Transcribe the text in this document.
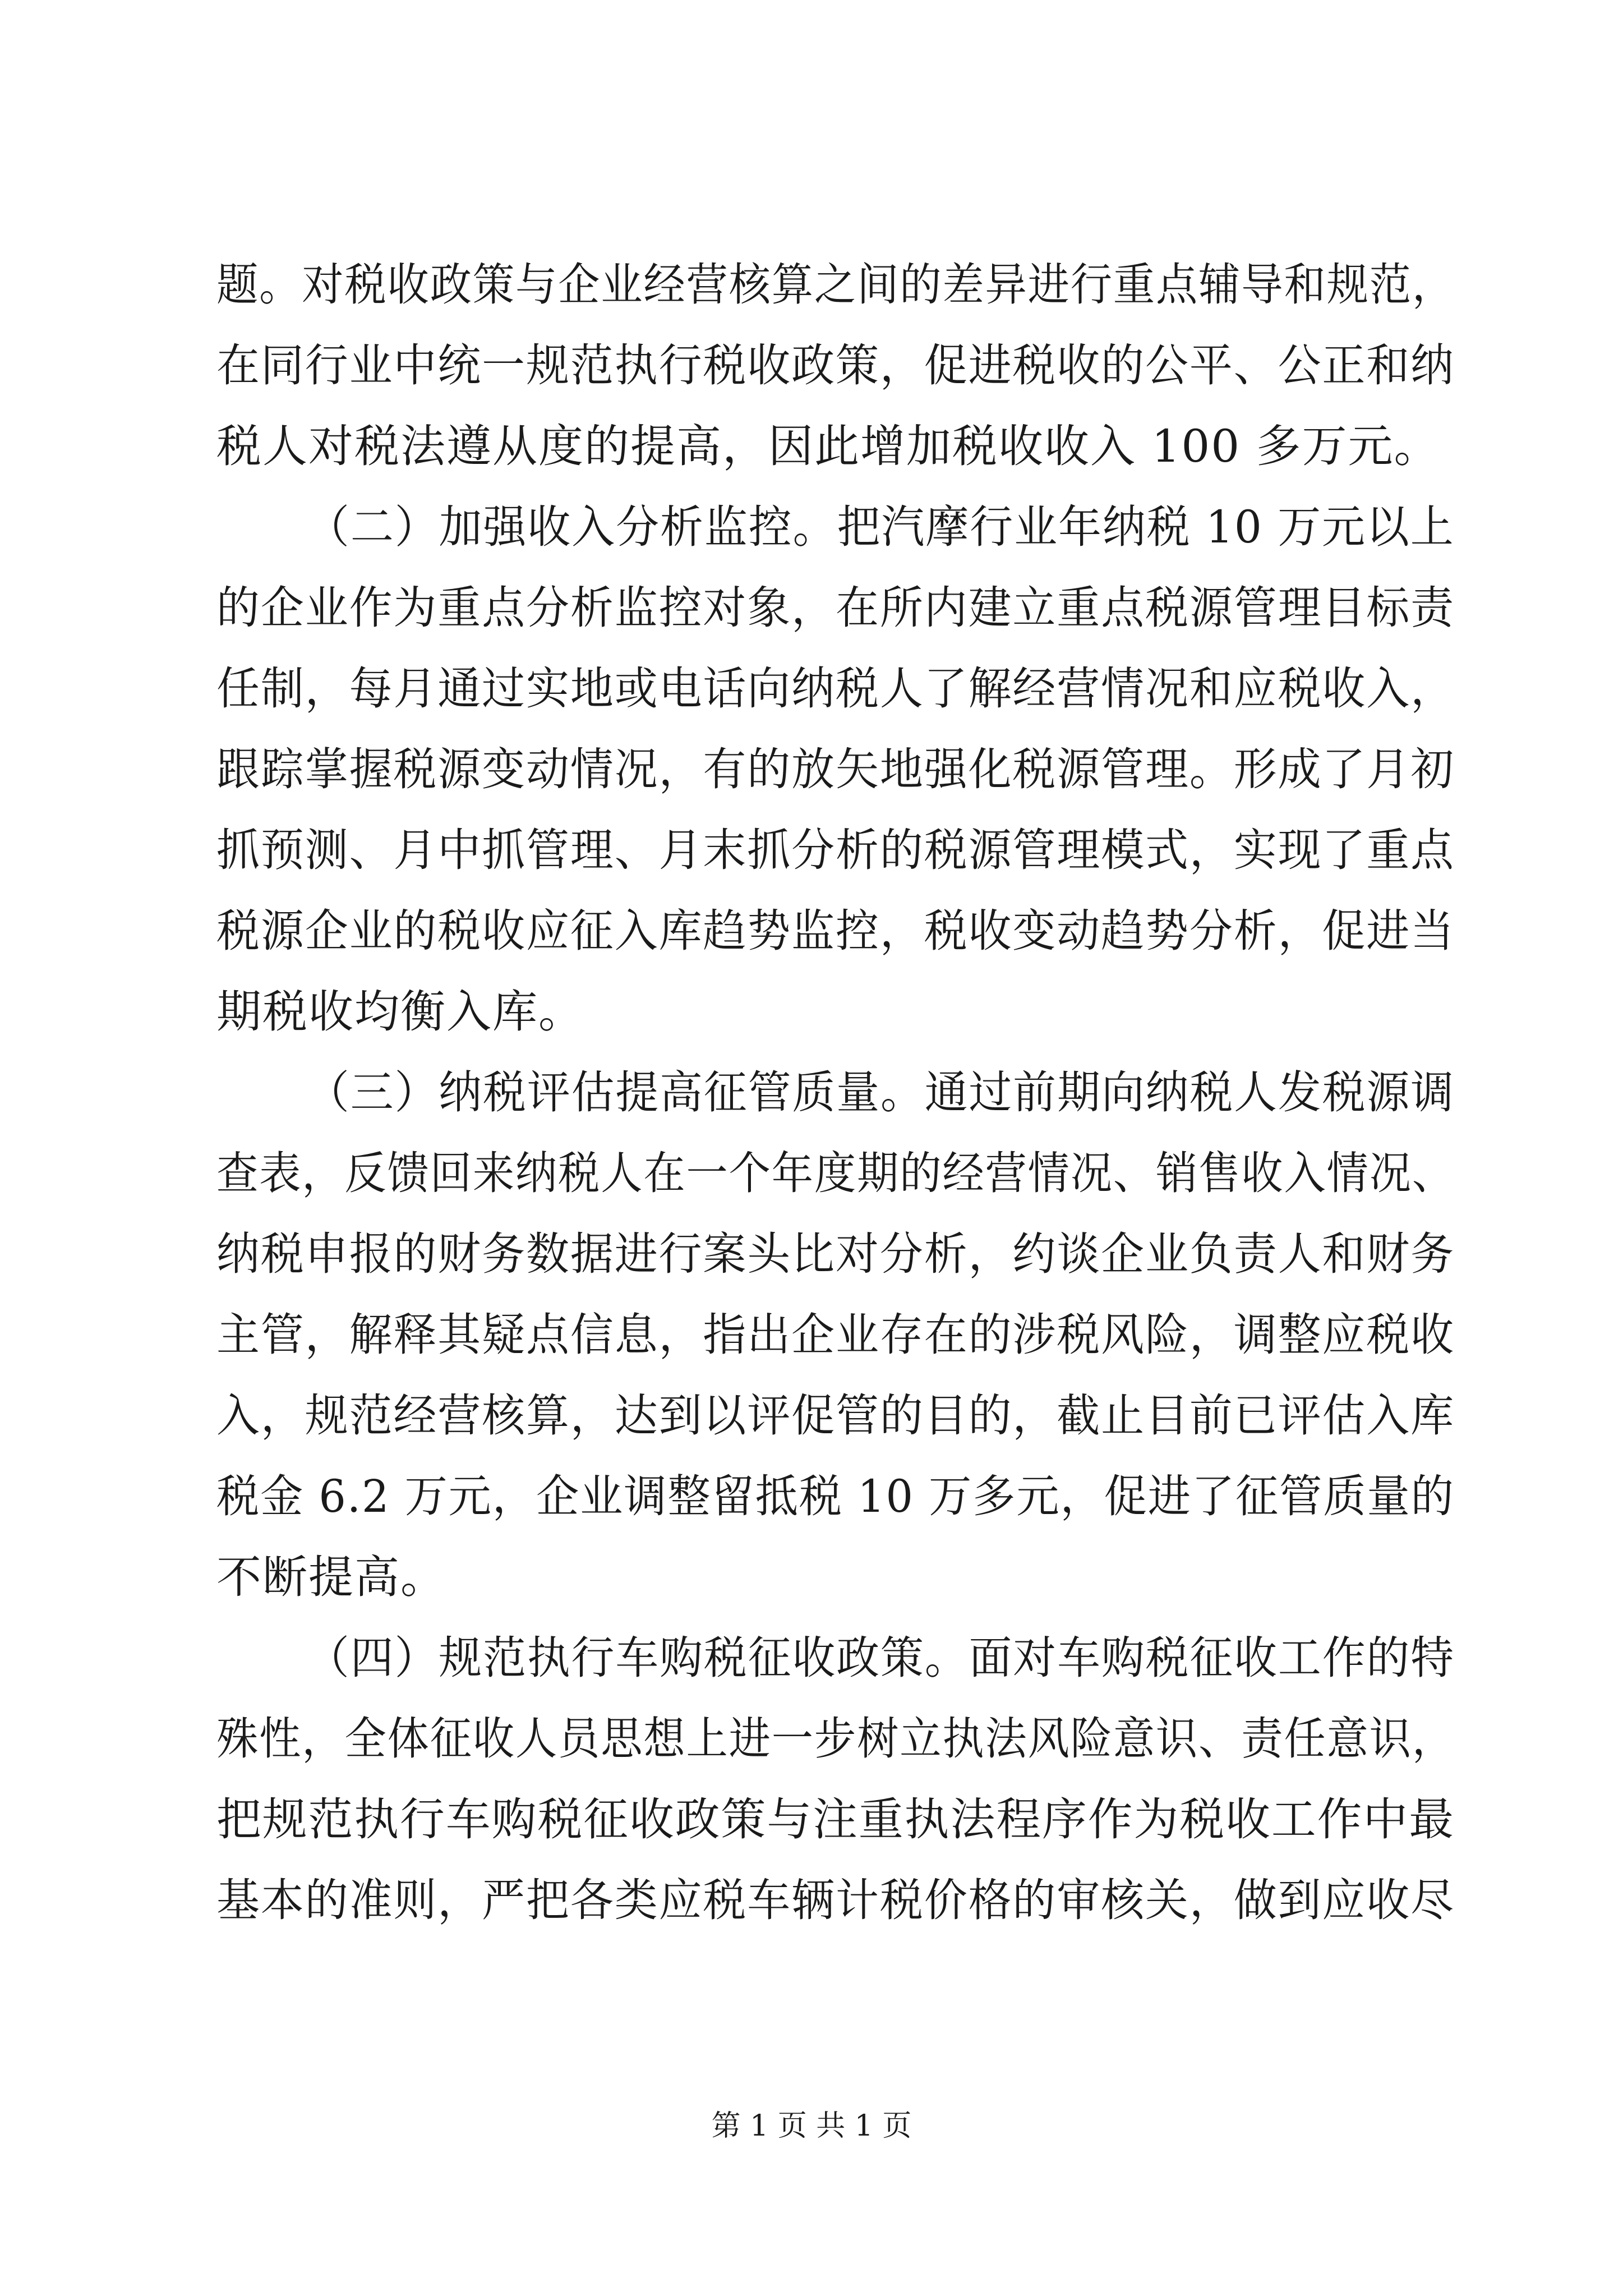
题。对税收政策与企业经营核算之间的差异进行重点辅导和规范，
在同行业中统一规范执行税收政策，促进税收的公平、公正和纳
税人对税法遵从度的提高，因此增加税收收入 100 多万元。
（二）加强收入分析监控。把汽摩行业年纳税 10 万元以上
的企业作为重点分析监控对象，在所内建立重点税源管理目标责
任制，每月通过实地或电话向纳税人了解经营情况和应税收入，
跟踪掌握税源变动情况，有的放矢地强化税源管理。形成了月初
抓预测、月中抓管理、月末抓分析的税源管理模式，实现了重点
税源企业的税收应征入库趋势监控，税收变动趋势分析，促进当
期税收均衡入库。
（三）纳税评估提高征管质量。通过前期向纳税人发税源调
查表，反馈回来纳税人在一个年度期的经营情况、销售收入情况、
纳税申报的财务数据进行案头比对分析，约谈企业负责人和财务
主管，解释其疑点信息，指出企业存在的涉税风险，调整应税收
入，规范经营核算，达到以评促管的目的，截止目前已评估入库
税金 6.2 万元，企业调整留抵税 10 万多元，促进了征管质量的
不断提高。
（四）规范执行车购税征收政策。面对车购税征收工作的特
殊性，全体征收人员思想上进一步树立执法风险意识、责任意识，
把规范执行车购税征收政策与注重执法程序作为税收工作中最
基本的准则，严把各类应税车辆计税价格的审核关，做到应收尽
第 1 页 共 1 页
